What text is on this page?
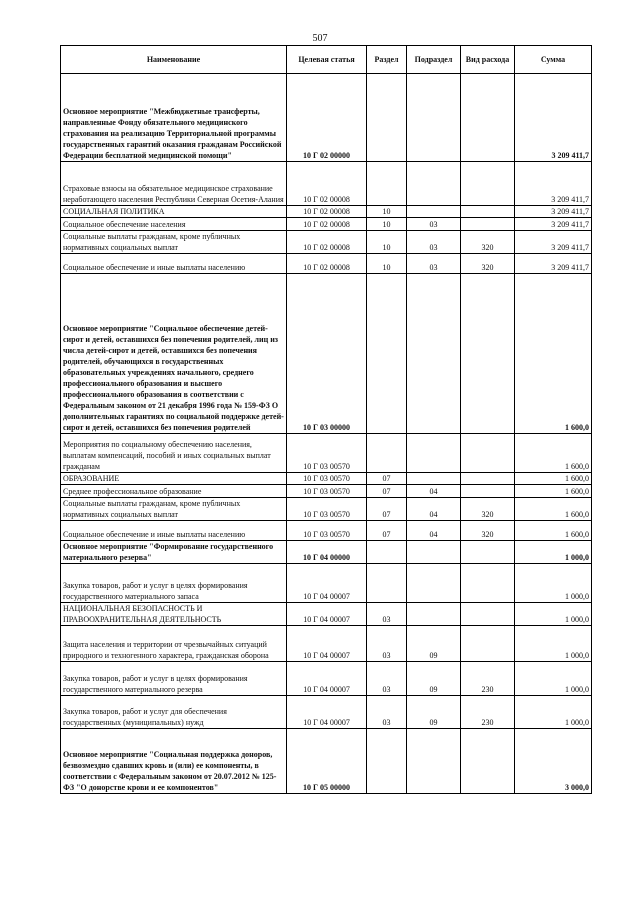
507
Наименование	Целевая статья	Раздел	Подраздел	Вид расхода	Сумма
Основное мероприятие "Межбюджетные трансферты, направленные Фонду обязательного медицинского страхования на реализацию Территориальной программы государственных гарантий оказания гражданам Российской Федерации бесплатной медицинской помощи"	10 Г 02 00000				3 209 411,7
Страховые взносы на обязательное медицинское страхование неработающего населения Республики Северная Осетия-Алания	10 Г 02 00008				3 209 411,7
СОЦИАЛЬНАЯ ПОЛИТИКА	10 Г 02 00008	10			3 209 411,7
Социальное обеспечение населения	10 Г 02 00008	10	03		3 209 411,7
Социальные выплаты гражданам, кроме публичных нормативных социальных выплат	10 Г 02 00008	10	03	320	3 209 411,7
Социальное обеспечение и иные выплаты населению	10 Г 02 00008	10	03	320	3 209 411,7
Основное мероприятие "Социальное обеспечение детей-сирот и детей, оставшихся без попечения родителей, лиц из числа детей-сирот и детей, оставшихся без попечения родителей, обучающихся в государственных образовательных учреждениях начального, среднего профессионального образования и высшего профессионального образования в соответствии с Федеральным законом от 21 декабря 1996 года № 159-ФЗ О дополнительных гарантиях по социальной поддержке детей-сирот и детей, оставшихся без попечения родителей	10 Г 03 00000				1 600,0
Мероприятия по социальному обеспечению населения, выплатам компенсаций, пособий и иных социальных выплат гражданам	10 Г 03 00570				1 600,0
ОБРАЗОВАНИЕ	10 Г 03 00570	07			1 600,0
Среднее профессиональное образование	10 Г 03 00570	07	04		1 600,0
Социальные выплаты гражданам, кроме публичных нормативных социальных выплат	10 Г 03 00570	07	04	320	1 600,0
Социальное обеспечение и иные выплаты населению	10 Г 03 00570	07	04	320	1 600,0
Основное мероприятие "Формирование государственного материального резерва"	10 Г 04 00000				1 000,0
Закупка товаров, работ и услуг в целях формирования государственного материального запаса	10 Г 04 00007				1 000,0
НАЦИОНАЛЬНАЯ БЕЗОПАСНОСТЬ И ПРАВООХРАНИТЕЛЬНАЯ ДЕЯТЕЛЬНОСТЬ	10 Г 04 00007	03			1 000,0
Защита населения и территории от чрезвычайных ситуаций природного и техногенного характера, гражданская оборона	10 Г 04 00007	03	09		1 000,0
Закупка товаров, работ и услуг в целях формирования государственного материального резерва	10 Г 04 00007	03	09	230	1 000,0
Закупка товаров, работ и услуг для обеспечения государственных (муниципальных) нужд	10 Г 04 00007	03	09	230	1 000,0
Основное мероприятие "Социальная поддержка доноров, безвозмездно сдавших кровь и (или) ее компоненты, в соответствии с Федеральным законом от 20.07.2012 № 125-ФЗ "О донорстве крови и ее компонентов"	10 Г 05 00000				3 000,0
